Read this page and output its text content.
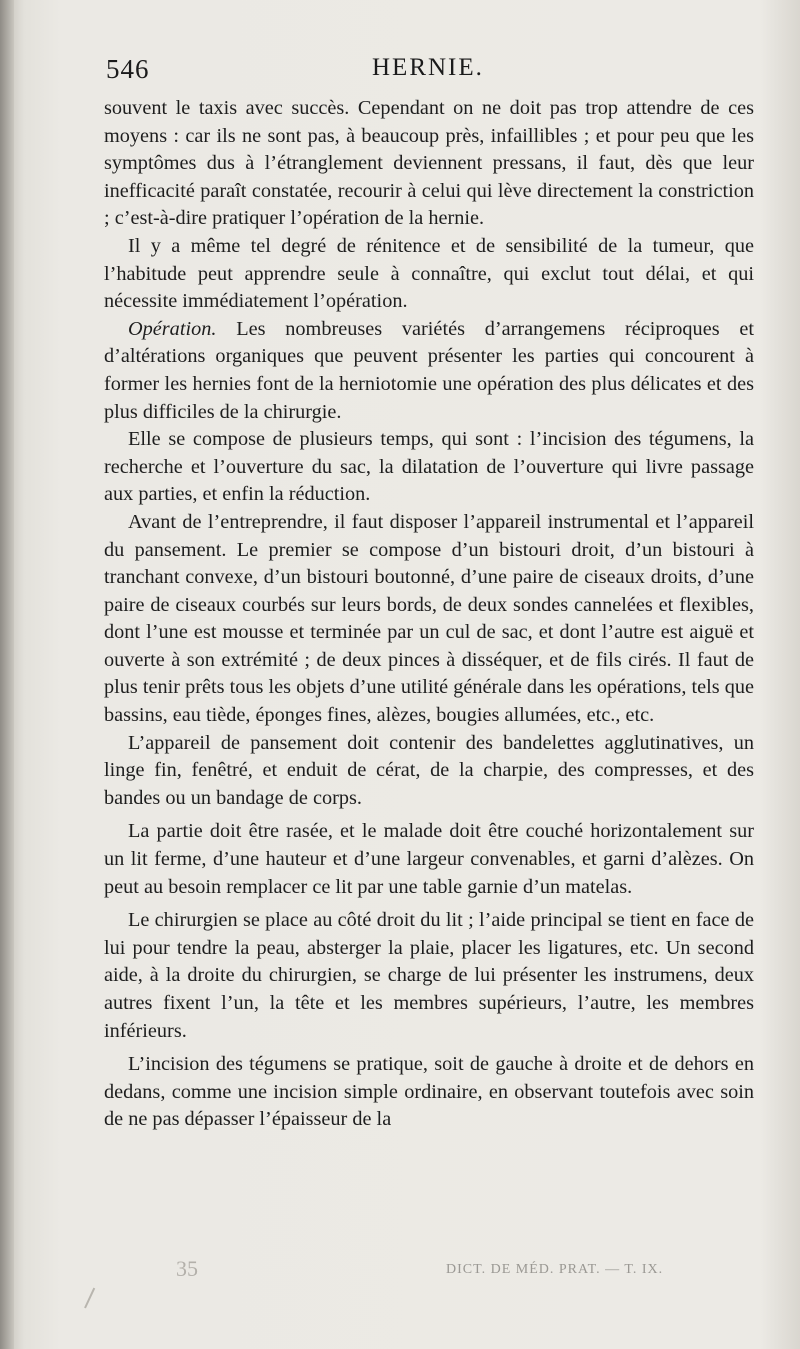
546	HERNIE.

souvent le taxis avec succès. Cependant on ne doit pas trop attendre de ces moyens : car ils ne sont pas, à beaucoup près, infaillibles ; et pour peu que les symptômes dus à l’étranglement deviennent pressans, il faut, dès que leur inefficacité paraît constatée, recourir à celui qui lève directement la constriction ; c’est-à-dire pratiquer l’opération de la hernie.

Il y a même tel degré de rénitence et de sensibilité de la tumeur, que l’habitude peut apprendre seule à connaître, qui exclut tout délai, et qui nécessite immédiatement l’opération.

Opération. Les nombreuses variétés d’arrangemens réciproques et d’altérations organiques que peuvent présenter les parties qui concourent à former les hernies font de la herniotomie une opération des plus délicates et des plus difficiles de la chirurgie.

Elle se compose de plusieurs temps, qui sont : l’incision des tégumens, la recherche et l’ouverture du sac, la dilatation de l’ouverture qui livre passage aux parties, et enfin la réduction.

Avant de l’entreprendre, il faut disposer l’appareil instrumental et l’appareil du pansement. Le premier se compose d’un bistouri droit, d’un bistouri à tranchant convexe, d’un bistouri boutonné, d’une paire de ciseaux droits, d’une paire de ciseaux courbés sur leurs bords, de deux sondes cannelées et flexibles, dont l’une est mousse et terminée par un cul de sac, et dont l’autre est aiguë et ouverte à son extrémité ; de deux pinces à disséquer, et de fils cirés. Il faut de plus tenir prêts tous les objets d’une utilité générale dans les opérations, tels que bassins, eau tiède, éponges fines, alèzes, bougies allumées, etc., etc.

L’appareil de pansement doit contenir des bandelettes agglutinatives, un linge fin, fenêtré, et enduit de cérat, de la charpie, des compresses, et des bandes ou un bandage de corps.

La partie doit être rasée, et le malade doit être couché horizontalement sur un lit ferme, d’une hauteur et d’une largeur convenables, et garni d’alèzes. On peut au besoin remplacer ce lit par une table garnie d’un matelas.

Le chirurgien se place au côté droit du lit ; l’aide principal se tient en face de lui pour tendre la peau, absterger la plaie, placer les ligatures, etc. Un second aide, à la droite du chirurgien, se charge de lui présenter les instrumens, deux autres fixent l’un, la tête et les membres supérieurs, l’autre, les membres inférieurs.

L’incision des tégumens se pratique, soit de gauche à droite et de dehors en dedans, comme une incision simple ordinaire, en observant toutefois avec soin de ne pas dépasser l’épaisseur de la

35	DICT. DE MÉD. PRAT. — T. IX.
